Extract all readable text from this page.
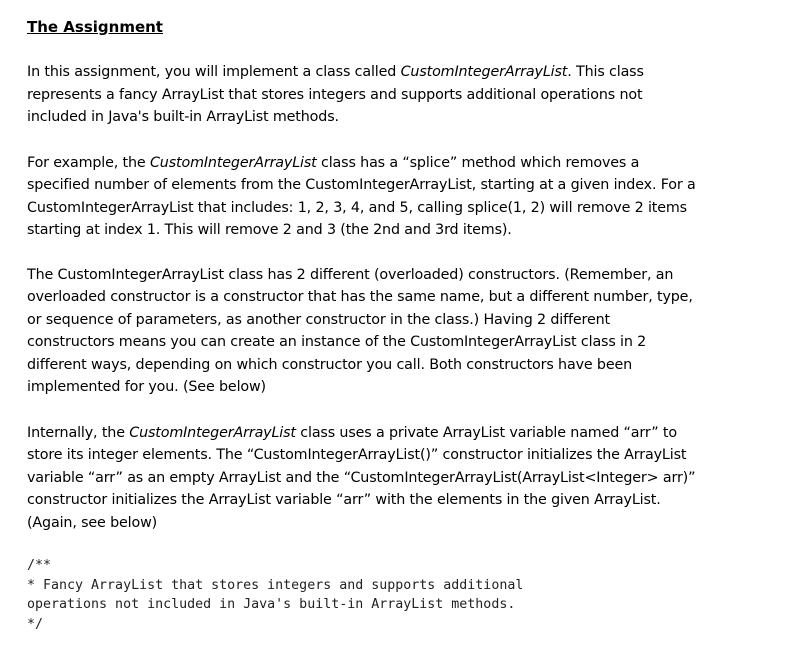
The Assignment

In this assignment, you will implement a class called CustomIntegerArrayList. This class
represents a fancy ArrayList that stores integers and supports additional operations not
included in Java's built-in ArrayList methods.

For example, the CustomIntegerArrayList class has a “splice” method which removes a
specified number of elements from the CustomIntegerArrayList, starting at a given index. For a
CustomIntegerArrayList that includes: 1, 2, 3, 4, and 5, calling splice(1, 2) will remove 2 items
starting at index 1. This will remove 2 and 3 (the 2nd and 3rd items).

The CustomIntegerArrayList class has 2 different (overloaded) constructors. (Remember, an
overloaded constructor is a constructor that has the same name, but a different number, type,
or sequence of parameters, as another constructor in the class.) Having 2 different
constructors means you can create an instance of the CustomIntegerArrayList class in 2
different ways, depending on which constructor you call. Both constructors have been
implemented for you. (See below)

Internally, the CustomIntegerArrayList class uses a private ArrayList variable named “arr” to
store its integer elements. The “CustomIntegerArrayList()” constructor initializes the ArrayList
variable “arr” as an empty ArrayList and the “CustomIntegerArrayList(ArrayList<Integer> arr)”
constructor initializes the ArrayList variable “arr” with the elements in the given ArrayList.
(Again, see below)

/**
* Fancy ArrayList that stores integers and supports additional
operations not included in Java's built-in ArrayList methods.
*/
